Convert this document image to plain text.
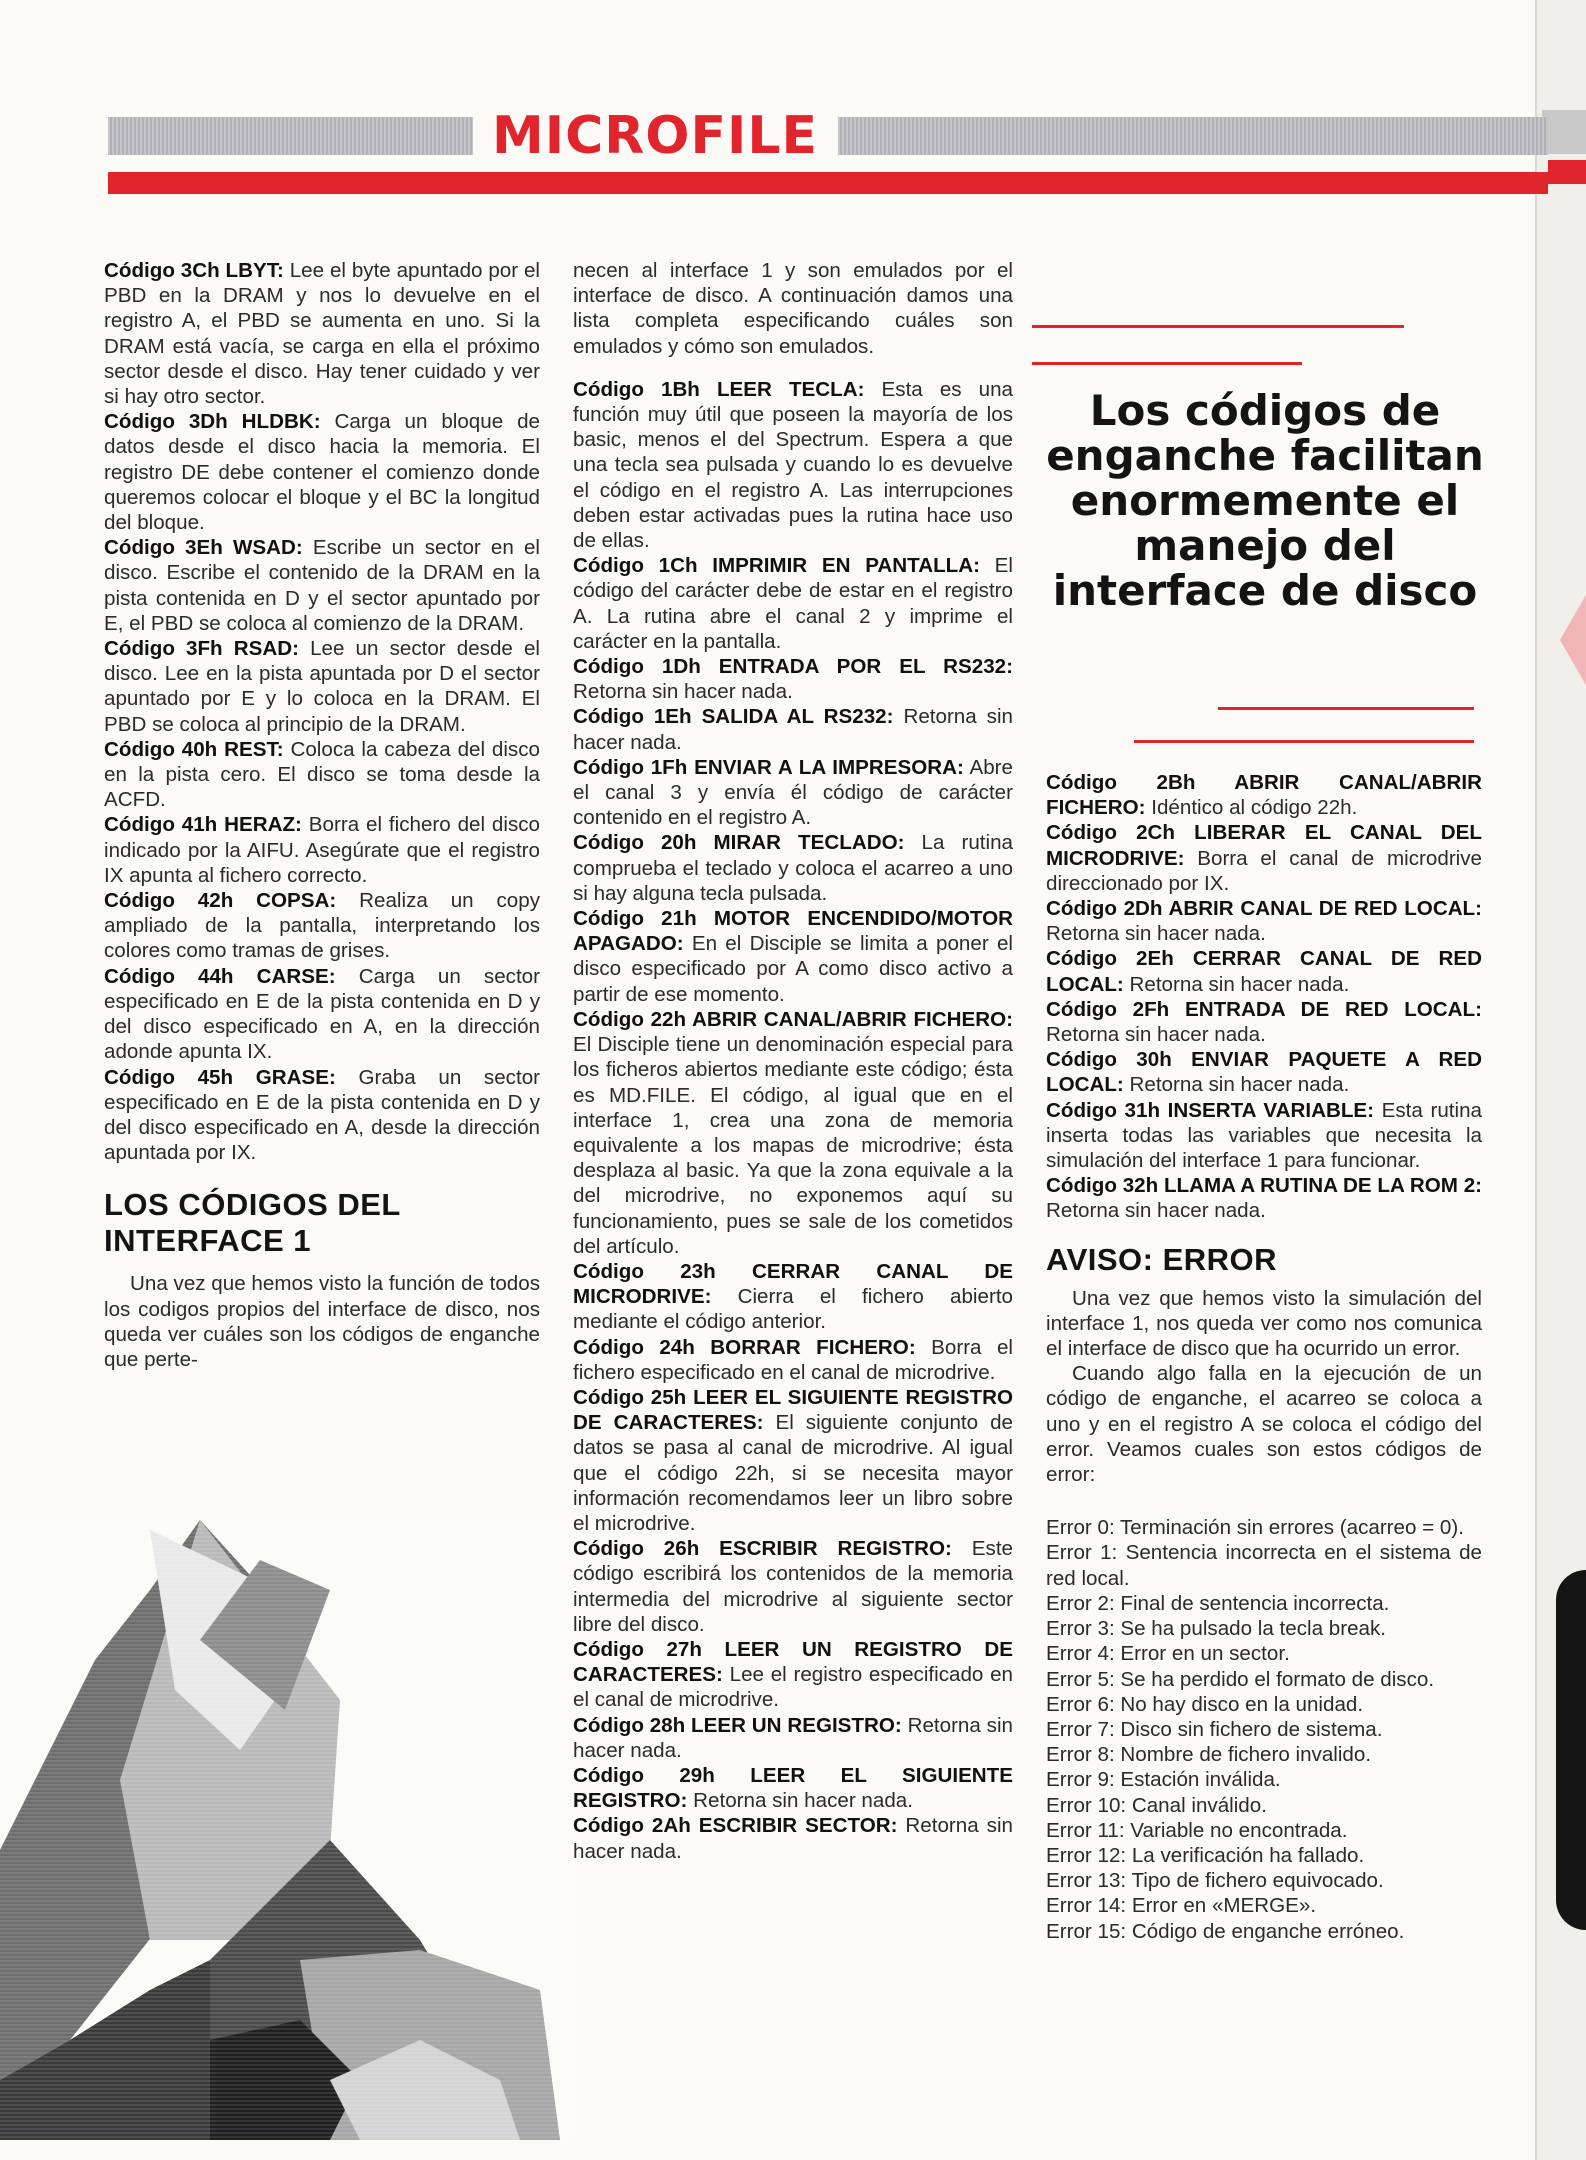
MICROFILE

Código 3Ch LBYT: Lee el byte apuntado por el PBD en la DRAM y nos lo devuelve en el registro A, el PBD se aumenta en uno. Si la DRAM está vacía, se carga en ella el próximo sector desde el disco. Hay tener cuidado y ver si hay otro sector.

Código 3Dh HLDBK: Carga un bloque de datos desde el disco hacia la memoria. El registro DE debe contener el comienzo donde queremos colocar el bloque y el BC la longitud del bloque.

Código 3Eh WSAD: Escribe un sector en el disco. Escribe el contenido de la DRAM en la pista contenida en D y el sector apuntado por E, el PBD se coloca al comienzo de la DRAM.

Código 3Fh RSAD: Lee un sector desde el disco. Lee en la pista apuntada por D el sector apuntado por E y lo coloca en la DRAM. El PBD se coloca al principio de la DRAM.

Código 40h REST: Coloca la cabeza del disco en la pista cero. El disco se toma desde la ACFD.

Código 41h HERAZ: Borra el fichero del disco indicado por la AIFU. Asegúrate que el registro IX apunta al fichero correcto.

Código 42h COPSA: Realiza un copy ampliado de la pantalla, interpretando los colores como tramas de grises.

Código 44h CARSE: Carga un sector especificado en E de la pista contenida en D y del disco especificado en A, en la dirección adonde apunta IX.

Código 45h GRASE: Graba un sector especificado en E de la pista contenida en D y del disco especificado en A, desde la dirección apuntada por IX.

LOS CÓDIGOS DEL INTERFACE 1

Una vez que hemos visto la función de todos los codigos propios del interface de disco, nos queda ver cuáles son los códigos de enganche que perte-

necen al interface 1 y son emulados por el interface de disco. A continuación damos una lista completa especificando cuáles son emulados y cómo son emulados.

Código 1Bh LEER TECLA: Esta es una función muy útil que poseen la mayoría de los basic, menos el del Spectrum. Espera a que una tecla sea pulsada y cuando lo es devuelve el código en el registro A. Las interrupciones deben estar activadas pues la rutina hace uso de ellas.

Código 1Ch IMPRIMIR EN PANTALLA: El código del carácter debe de estar en el registro A. La rutina abre el canal 2 y imprime el carácter en la pantalla.

Código 1Dh ENTRADA POR EL RS232: Retorna sin hacer nada.

Código 1Eh SALIDA AL RS232: Retorna sin hacer nada.

Código 1Fh ENVIAR A LA IMPRESORA: Abre el canal 3 y envía él código de carácter contenido en el registro A.

Código 20h MIRAR TECLADO: La rutina comprueba el teclado y coloca el acarreo a uno si hay alguna tecla pulsada.

Código 21h MOTOR ENCENDIDO/MOTOR APAGADO: En el Disciple se limita a poner el disco especificado por A como disco activo a partir de ese momento.

Código 22h ABRIR CANAL/ABRIR FICHERO: El Disciple tiene un denominación especial para los ficheros abiertos mediante este código; ésta es MD.FILE. El código, al igual que en el interface 1, crea una zona de memoria equivalente a los mapas de microdrive; ésta desplaza al basic. Ya que la zona equivale a la del microdrive, no exponemos aquí su funcionamiento, pues se sale de los cometidos del artículo.

Código 23h CERRAR CANAL DE MICRODRIVE: Cierra el fichero abierto mediante el código anterior.

Código 24h BORRAR FICHERO: Borra el fichero especificado en el canal de microdrive.

Código 25h LEER EL SIGUIENTE REGISTRO DE CARACTERES: El siguiente conjunto de datos se pasa al canal de microdrive. Al igual que el código 22h, si se necesita mayor información recomendamos leer un libro sobre el microdrive.

Código 26h ESCRIBIR REGISTRO: Este código escribirá los contenidos de la memoria intermedia del microdrive al siguiente sector libre del disco.

Código 27h LEER UN REGISTRO DE CARACTERES: Lee el registro especificado en el canal de microdrive.

Código 28h LEER UN REGISTRO: Retorna sin hacer nada.

Código 29h LEER EL SIGUIENTE REGISTRO: Retorna sin hacer nada.

Código 2Ah ESCRIBIR SECTOR: Retorna sin hacer nada.

Los códigos de enganche facilitan enormemente el manejo del interface de disco

Código 2Bh ABRIR CANAL/ABRIR FICHERO: Idéntico al código 22h.

Código 2Ch LIBERAR EL CANAL DEL MICRODRIVE: Borra el canal de microdrive direccionado por IX.

Código 2Dh ABRIR CANAL DE RED LOCAL: Retorna sin hacer nada.

Código 2Eh CERRAR CANAL DE RED LOCAL: Retorna sin hacer nada.

Código 2Fh ENTRADA DE RED LOCAL: Retorna sin hacer nada.

Código 30h ENVIAR PAQUETE A RED LOCAL: Retorna sin hacer nada.

Código 31h INSERTA VARIABLE: Esta rutina inserta todas las variables que necesita la simulación del interface 1 para funcionar.

Código 32h LLAMA A RUTINA DE LA ROM 2: Retorna sin hacer nada.

AVISO: ERROR

Una vez que hemos visto la simulación del interface 1, nos queda ver como nos comunica el interface de disco que ha ocurrido un error.

Cuando algo falla en la ejecución de un código de enganche, el acarreo se coloca a uno y en el registro A se coloca el código del error. Veamos cuales son estos códigos de error:

Error 0: Terminación sin errores (acarreo = 0).

Error 1: Sentencia incorrecta en el sistema de red local.

Error 2: Final de sentencia incorrecta.

Error 3: Se ha pulsado la tecla break.

Error 4: Error en un sector.

Error 5: Se ha perdido el formato de disco.

Error 6: No hay disco en la unidad.

Error 7: Disco sin fichero de sistema.

Error 8: Nombre de fichero invalido.

Error 9: Estación inválida.

Error 10: Canal inválido.

Error 11: Variable no encontrada.

Error 12: La verificación ha fallado.

Error 13: Tipo de fichero equivocado.

Error 14: Error en «MERGE».

Error 15: Código de enganche erróneo.
